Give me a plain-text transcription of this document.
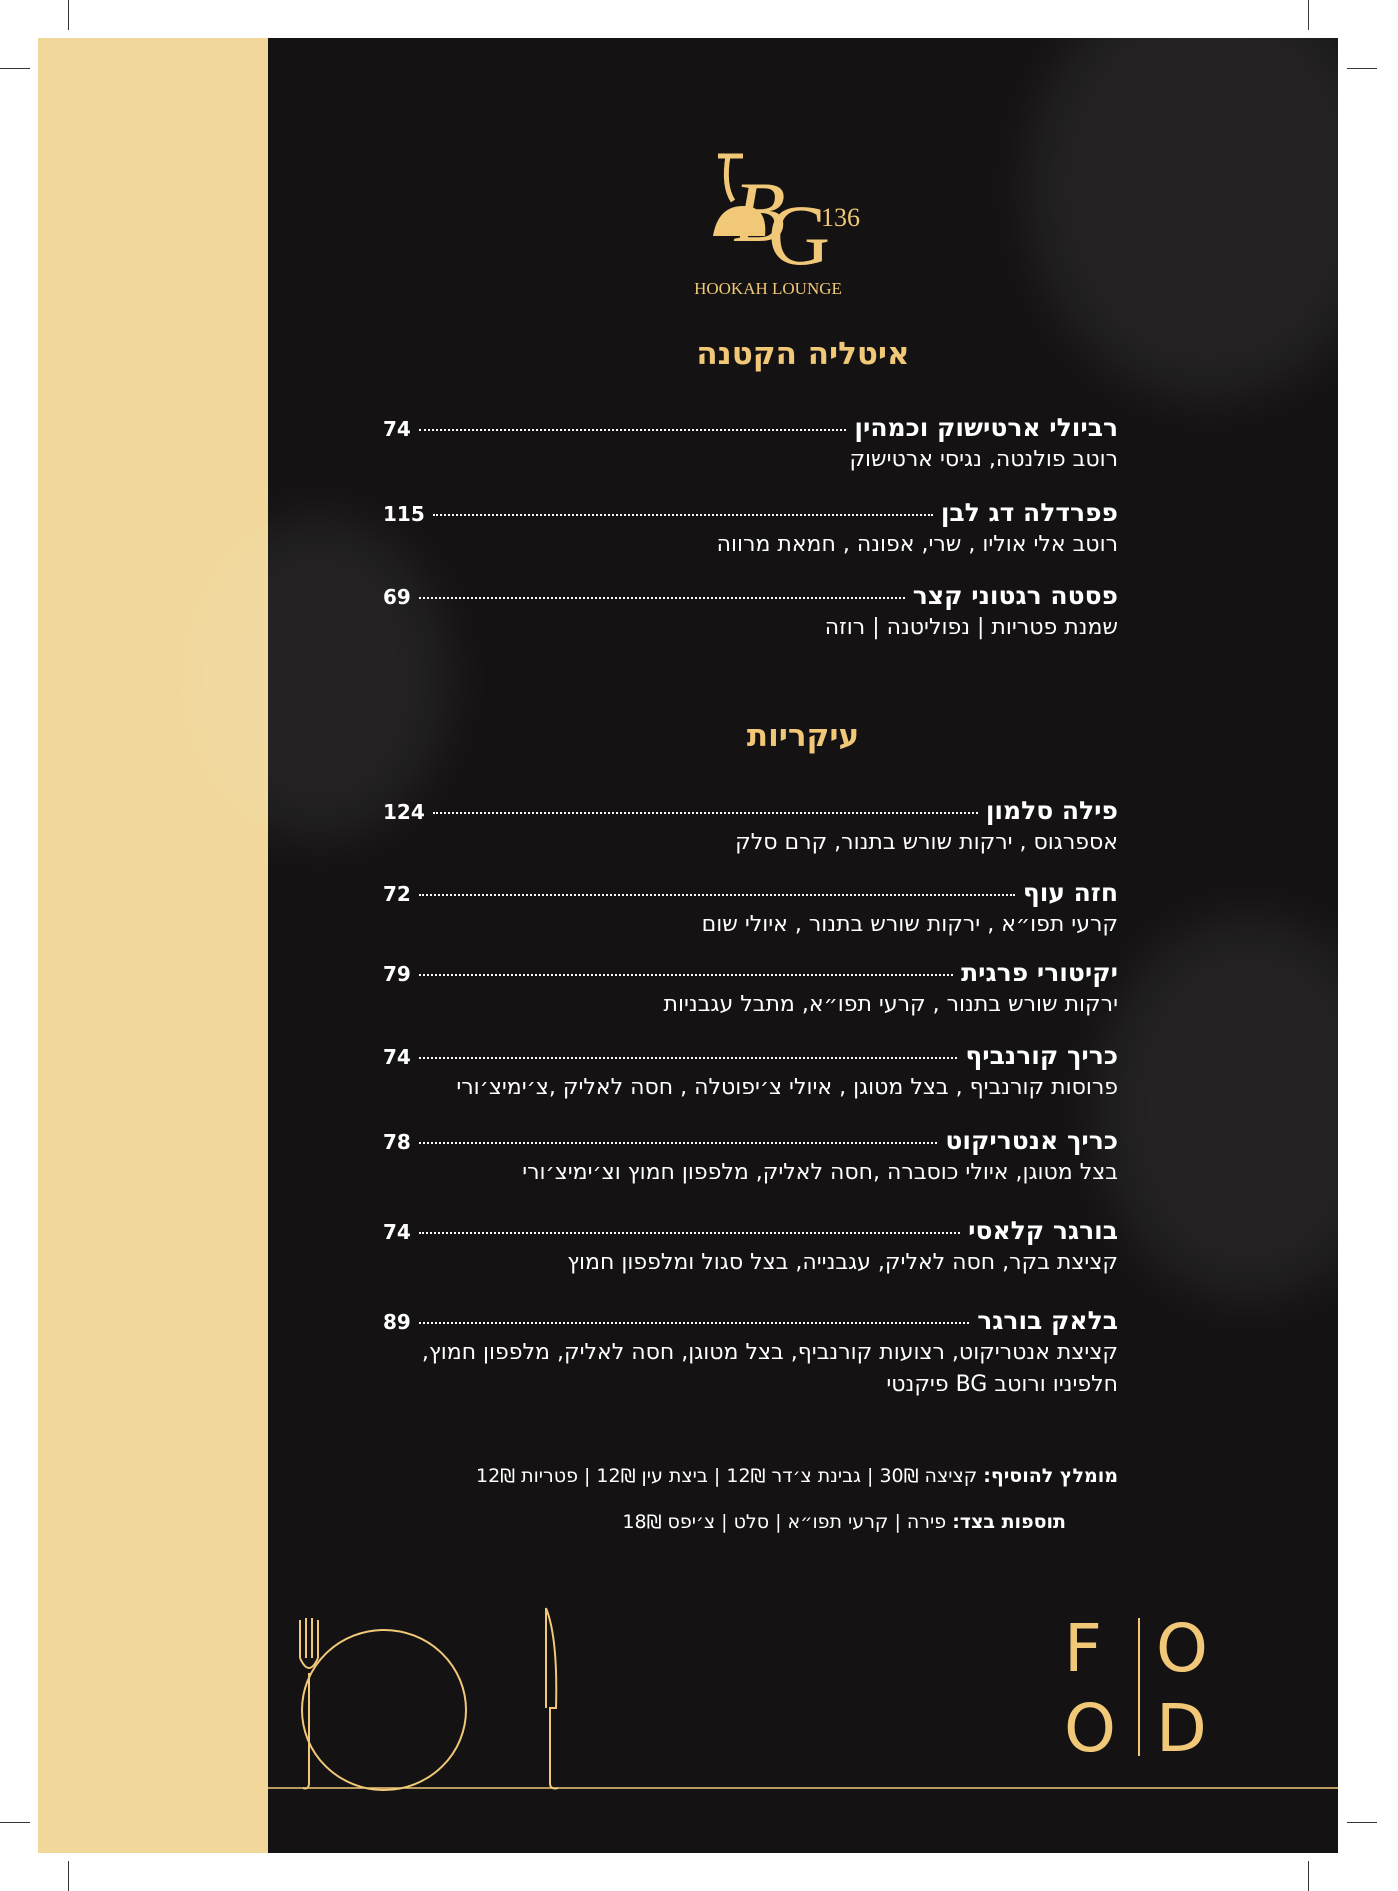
B
G
136
HOOKAH LOUNGE
איטליה הקטנה
רביולי ארטישוק וכמהין
74
רוטב פולנטה, נגיסי ארטישוק
פפרדלה דג לבן
115
רוטב אלי אוליו , שרי, אפונה , חמאת מרווה
פסטה רגטוני קצר
69
שמנת פטריות | נפוליטנה | רוזה
עיקריות
פילה סלמון
124
אספרגוס , ירקות שורש בתנור, קרם סלק
חזה עוף
72
קרעי תפו״א , ירקות שורש בתנור , איולי שום
יקיטורי פרגית
79
ירקות שורש בתנור , קרעי תפו״א, מתבל עגבניות
כריך קורנביף
74
פרוסות קורנביף , בצל מטוגן , איולי צ׳יפוטלה , חסה לאליק ,צ׳ימיצ׳ורי
כריך אנטריקוט
78
בצל מטוגן, איולי כוסברה ,חסה לאליק, מלפפון חמוץ וצ׳ימיצ׳ורי
בורגר קלאסי
74
קציצת בקר, חסה לאליק, עגבנייה, בצל סגול ומלפפון חמוץ
בלאק בורגר
89
קציצת אנטריקוט, רצועות קורנביף, בצל מטוגן, חסה לאליק, מלפפון חמוץ, חלפיניו ורוטב BG פיקנטי
מומלץ להוסיף: קציצה 30₪ | גבינת צ׳דר 12₪ | ביצת עין 12₪ | פטריות 12₪
תוספות בצד: פירה | קרעי תפו״א | סלט | צ׳יפס 18₪
F O
O D
